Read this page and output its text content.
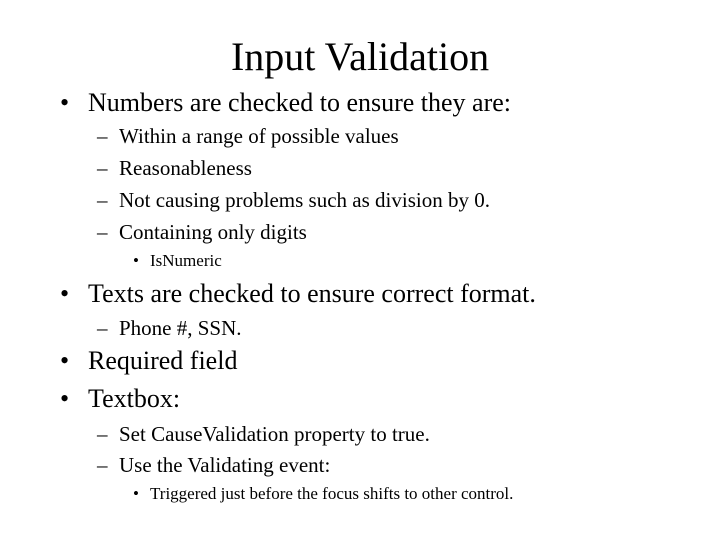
Input Validation
• Numbers are checked to ensure they are:
– Within a range of possible values
– Reasonableness
– Not causing problems such as division by 0.
– Containing only digits
• IsNumeric
• Texts are checked to ensure correct format.
– Phone #, SSN.
• Required field
• Textbox:
– Set CauseValidation property to true.
– Use the Validating event:
• Triggered just before the focus shifts to other control.
